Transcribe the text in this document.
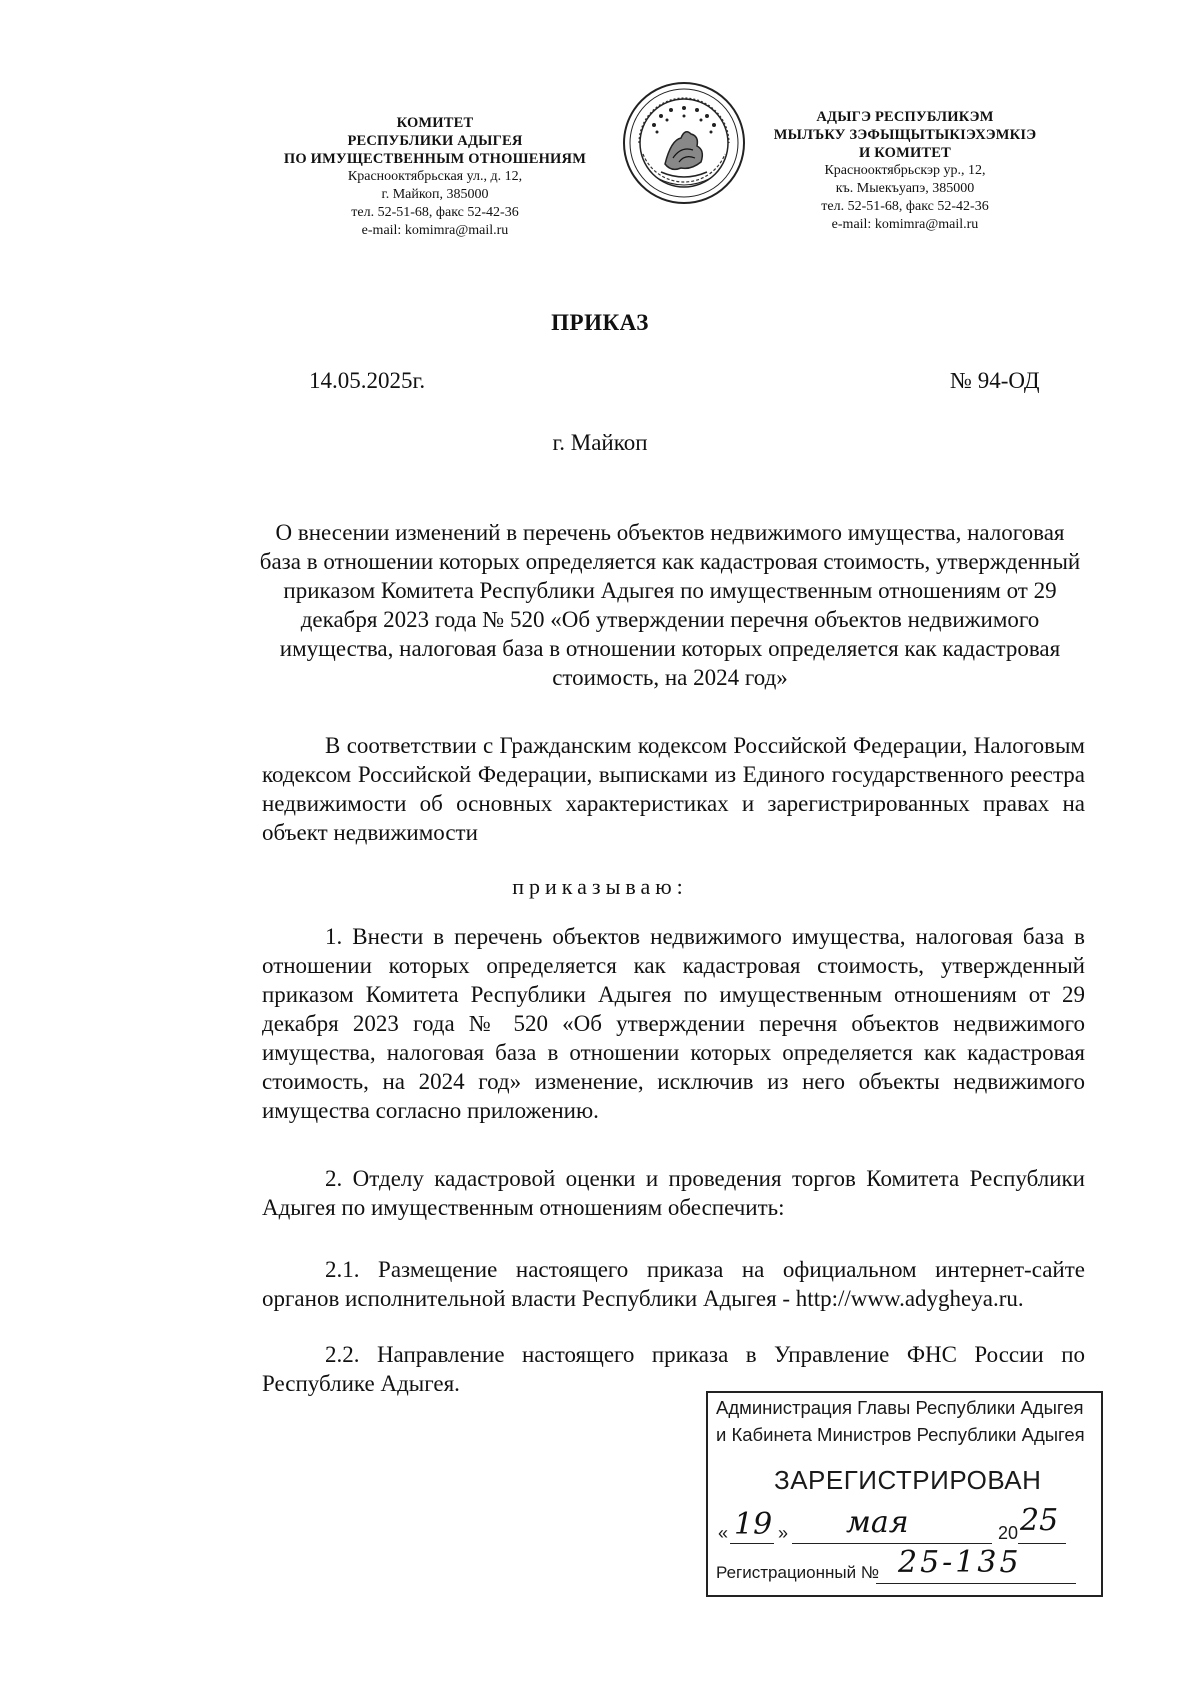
КОМИТЕТ
РЕСПУБЛИКИ АДЫГЕЯ
ПО ИМУЩЕСТВЕННЫМ ОТНОШЕНИЯМ
Краснооктябрьская ул., д. 12,
г. Майкоп, 385000
тел. 52-51-68, факс 52-42-36
e-mail: komimra@mail.ru
АДЫГЭ РЕСПУБЛИКЭМ
МЫЛЪКУ ЗЭФЫЩЫТЫКIЭХЭМКIЭ
И КОМИТЕТ
Краснооктябрьскэр ур., 12,
къ. Мыекъуапэ, 385000
тел. 52-51-68, факс 52-42-36
e-mail: komimra@mail.ru
ПРИКАЗ
14.05.2025г.	№ 94-ОД
г. Майкоп
О внесении изменений в перечень объектов недвижимого имущества, налоговая база в отношении которых определяется как кадастровая стоимость, утвержденный приказом Комитета Республики Адыгея по имущественным отношениям от 29 декабря 2023 года № 520 «Об утверждении перечня объектов недвижимого имущества, налоговая база в отношении которых определяется как кадастровая стоимость, на 2024 год»
В соответствии с Гражданским кодексом Российской Федерации, Налоговым кодексом Российской Федерации, выписками из Единого государственного реестра недвижимости об основных характеристиках и зарегистрированных правах на объект недвижимости
приказываю:
1. Внести в перечень объектов недвижимого имущества, налоговая база в отношении которых определяется как кадастровая стоимость, утвержденный приказом Комитета Республики Адыгея по имущественным отношениям от 29 декабря 2023 года № 520 «Об утверждении перечня объектов недвижимого имущества, налоговая база в отношении которых определяется как кадастровая стоимость, на 2024 год» изменение, исключив из него объекты недвижимого имущества согласно приложению.
2. Отделу кадастровой оценки и проведения торгов Комитета Республики Адыгея по имущественным отношениям обеспечить:
2.1. Размещение настоящего приказа на официальном интернет-сайте органов исполнительной власти Республики Адыгея - http://www.adygheya.ru.
2.2. Направление настоящего приказа в Управление ФНС России по Республике Адыгея.
Администрация Главы Республики Адыгея
и Кабинета Министров Республики Адыгея
ЗАРЕГИСТРИРОВАН
« 19 » мая	20 25
Регистрационный № 25-135
